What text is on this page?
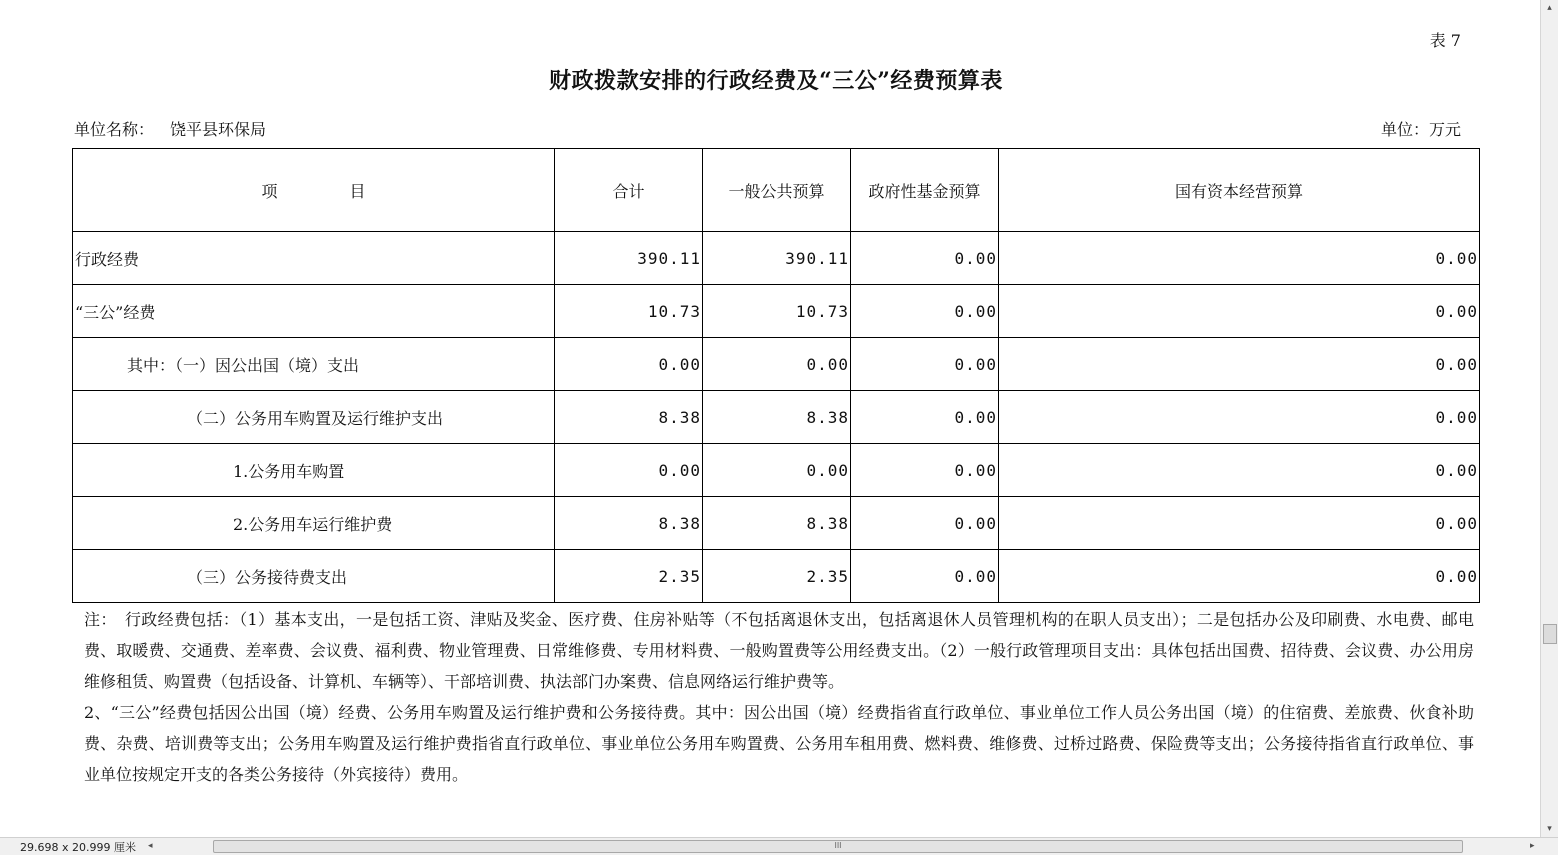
表 7
财政拨款安排的行政经费及“三公”经费预算表
单位名称： 饶平县环保局	单位：万元
项 目	合计	一般公共预算	政府性基金预算	国有资本经营预算
行政经费	390.11	390.11	0.00	0.00
“三公”经费	10.73	10.73	0.00	0.00
其中：（一）因公出国（境）支出	0.00	0.00	0.00	0.00
（二）公务用车购置及运行维护支出	8.38	8.38	0.00	0.00
1.公务用车购置	0.00	0.00	0.00	0.00
2.公务用车运行维护费	8.38	8.38	0.00	0.00
（三）公务接待费支出	2.35	2.35	0.00	0.00

注：　行政经费包括：（1）基本支出，一是包括工资、津贴及奖金、医疗费、住房补贴等（不包括离退休支出，包括离退休人员管理机构的在职人员支出）；二是包括办公及印刷费、水电费、邮电费、取暖费、交通费、差率费、会议费、福利费、物业管理费、日常维修费、专用材料费、一般购置费等公用经费支出。（2）一般行政管理项目支出：具体包括出国费、招待费、会议费、办公用房维修租赁、购置费（包括设备、计算机、车辆等）、干部培训费、执法部门办案费、信息网络运行维护费等。

2、“三公”经费包括因公出国（境）经费、公务用车购置及运行维护费和公务接待费。其中：因公出国（境）经费指省直行政单位、事业单位工作人员公务出国（境）的住宿费、差旅费、伙食补助费、杂费、培训费等支出；公务用车购置及运行维护费指省直行政单位、事业单位公务用车购置费、公务用车租用费、燃料费、维修费、过桥过路费、保险费等支出；公务接待指省直行政单位、事业单位按规定开支的各类公务接待（外宾接待）费用。

▴
▾
29.698 x 20.999 厘米 ◂	III	▸
